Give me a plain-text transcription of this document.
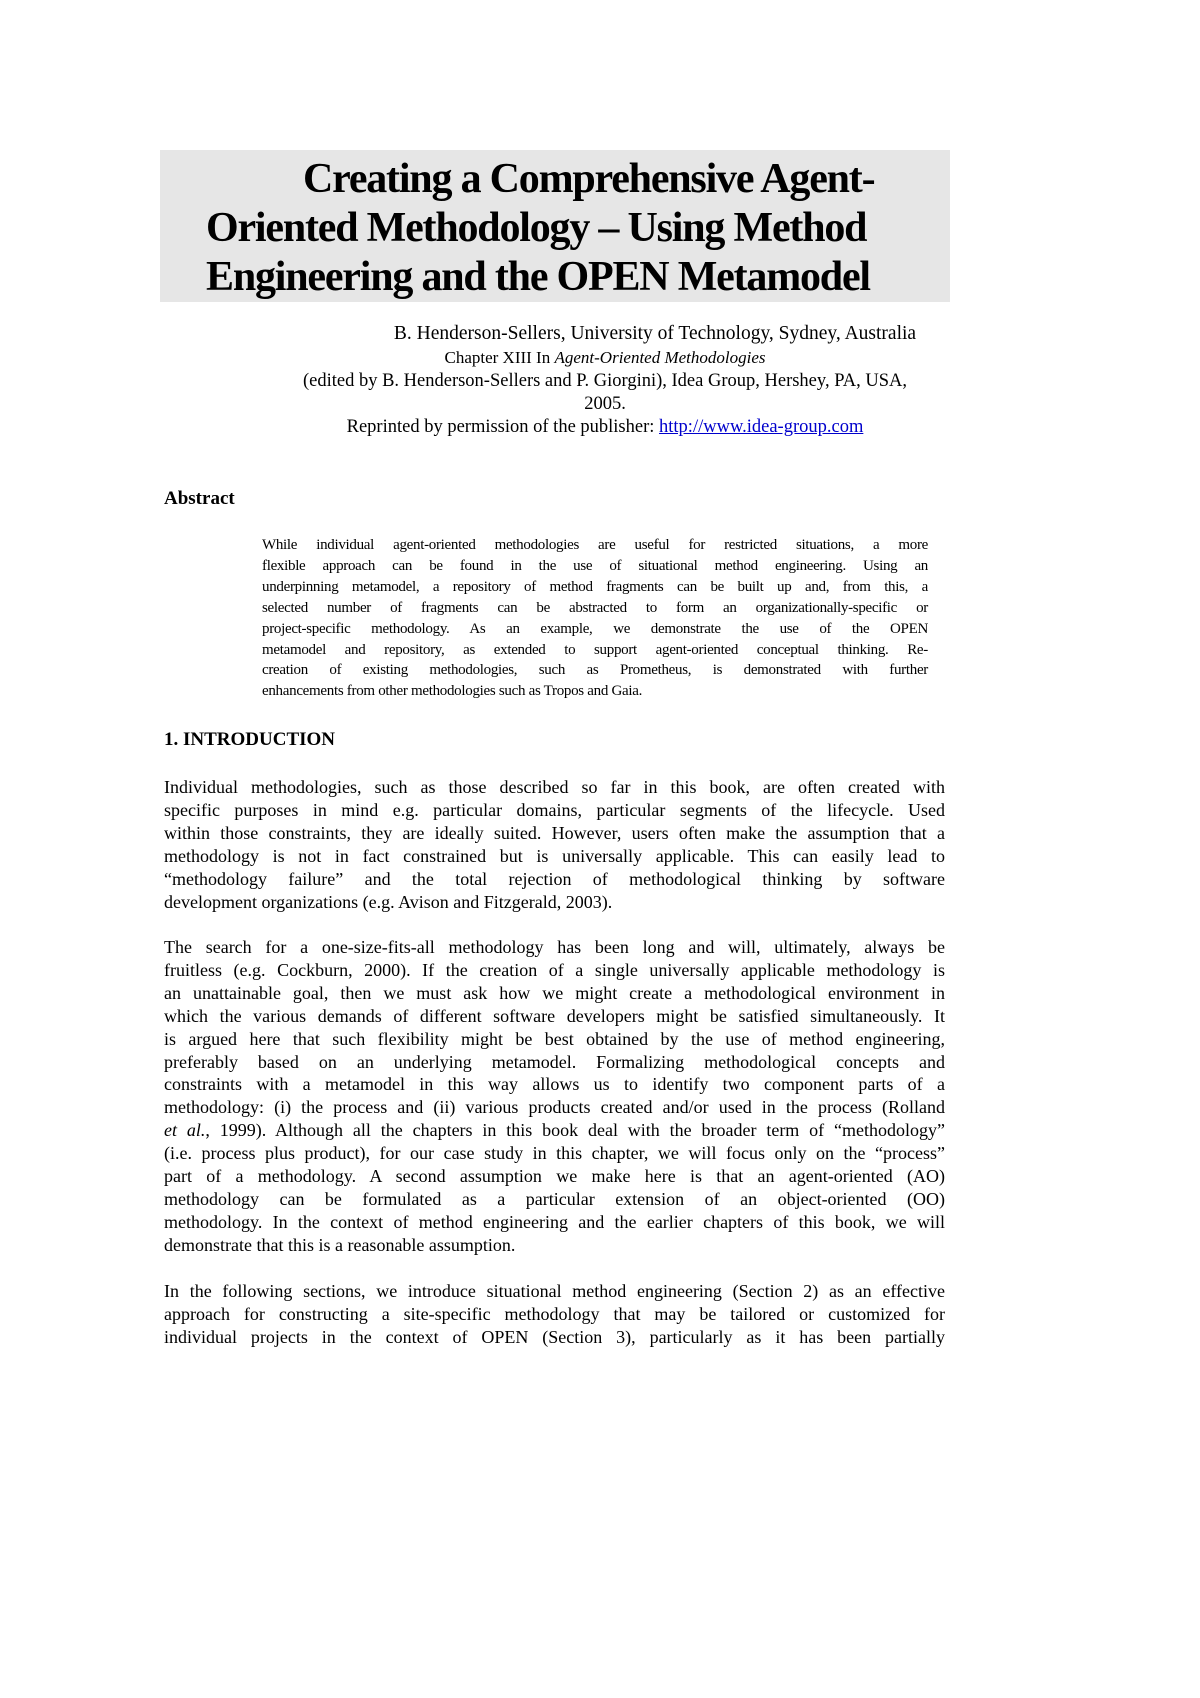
Creating a Comprehensive Agent-
Oriented Methodology – Using Method
Engineering and the OPEN Metamodel
B. Henderson-Sellers, University of Technology, Sydney, Australia
Chapter XIII In Agent-Oriented Methodologies
(edited by B. Henderson-Sellers and P. Giorgini), Idea Group, Hershey, PA, USA,
2005.
Reprinted by permission of the publisher: http://www.idea-group.com
Abstract
While individual agent-oriented methodologies are useful for restricted situations, a more
flexible approach can be found in the use of situational method engineering. Using an
underpinning metamodel, a repository of method fragments can be built up and, from this, a
selected number of fragments can be abstracted to form an organizationally-specific or
project-specific methodology. As an example, we demonstrate the use of the OPEN
metamodel and repository, as extended to support agent-oriented conceptual thinking. Re-
creation of existing methodologies, such as Prometheus, is demonstrated with further
enhancements from other methodologies such as Tropos and Gaia.
1. INTRODUCTION
Individual methodologies, such as those described so far in this book, are often created with
specific purposes in mind e.g. particular domains, particular segments of the lifecycle. Used
within those constraints, they are ideally suited. However, users often make the assumption that a
methodology is not in fact constrained but is universally applicable. This can easily lead to
“methodology failure” and the total rejection of methodological thinking by software
development organizations (e.g. Avison and Fitzgerald, 2003).
The search for a one-size-fits-all methodology has been long and will, ultimately, always be
fruitless (e.g. Cockburn, 2000). If the creation of a single universally applicable methodology is
an unattainable goal, then we must ask how we might create a methodological environment in
which the various demands of different software developers might be satisfied simultaneously. It
is argued here that such flexibility might be best obtained by the use of method engineering,
preferably based on an underlying metamodel. Formalizing methodological concepts and
constraints with a metamodel in this way allows us to identify two component parts of a
methodology: (i) the process and (ii) various products created and/or used in the process (Rolland
et al., 1999). Although all the chapters in this book deal with the broader term of “methodology”
(i.e. process plus product), for our case study in this chapter, we will focus only on the “process”
part of a methodology. A second assumption we make here is that an agent-oriented (AO)
methodology can be formulated as a particular extension of an object-oriented (OO)
methodology. In the context of method engineering and the earlier chapters of this book, we will
demonstrate that this is a reasonable assumption.
In the following sections, we introduce situational method engineering (Section 2) as an effective
approach for constructing a site-specific methodology that may be tailored or customized for
individual projects in the context of OPEN (Section 3), particularly as it has been partially
